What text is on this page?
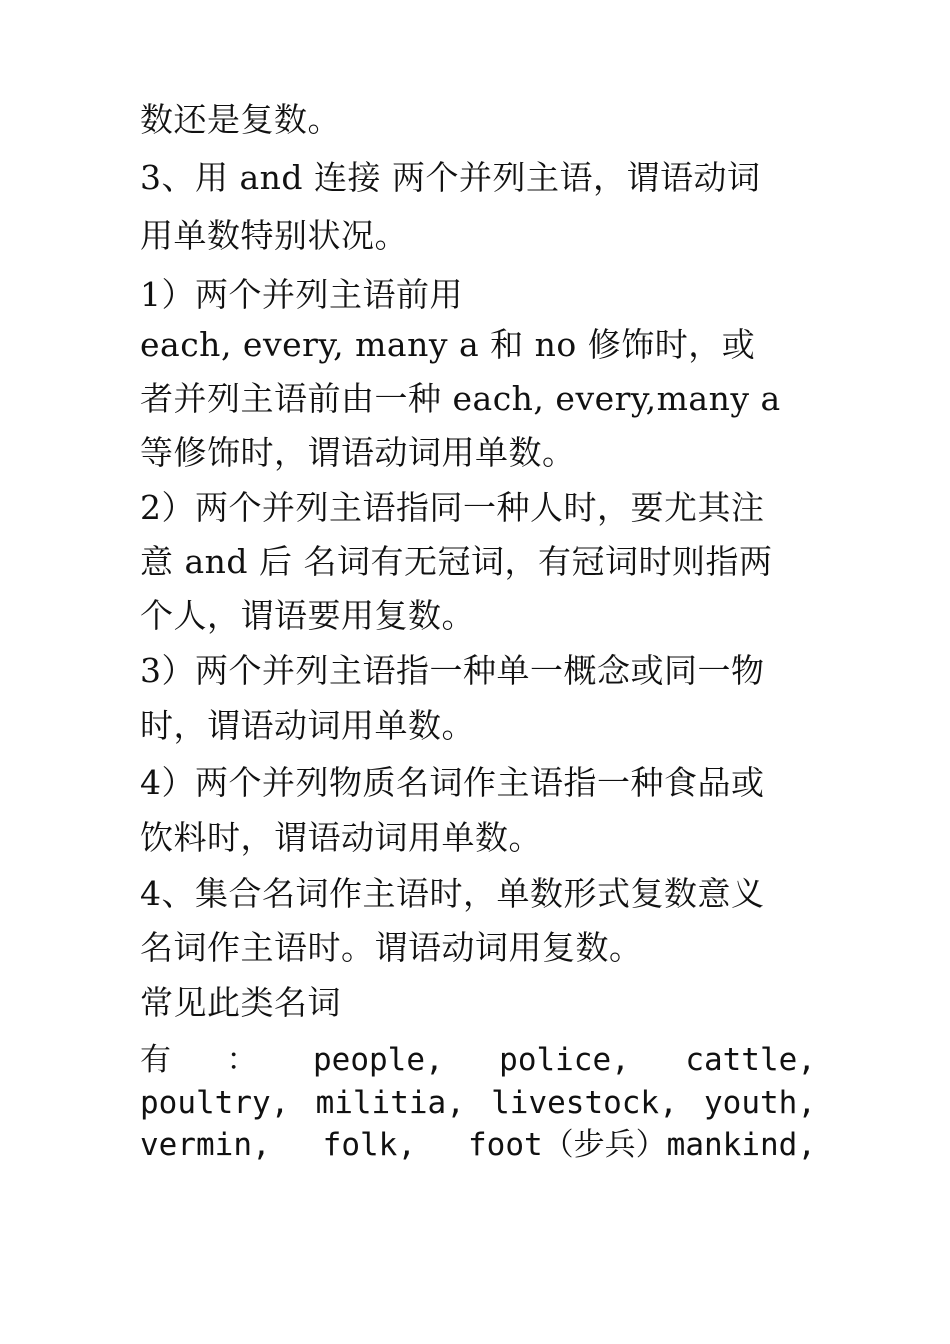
数还是复数。
3、用 and 连接 两个并列主语，谓语动词
用单数特别状况。
1）两个并列主语前用
each, every, many a 和 no 修饰时，或
者并列主语前由一种 each, every,many a
等修饰时，谓语动词用单数。
2）两个并列主语指同一种人时，要尤其注
意 and 后 名词有无冠词，有冠词时则指两
个人，谓语要用复数。
3）两个并列主语指一种单一概念或同一物
时，谓语动词用单数。
4）两个并列物质名词作主语指一种食品或
饮料时，谓语动词用单数。
4、集合名词作主语时，单数形式复数意义
名词作主语时。谓语动词用复数。
常见此类名词
有 ： people, police, cattle,
poultry, militia, livestock, youth,
vermin, folk, foot（步兵）mankind,
